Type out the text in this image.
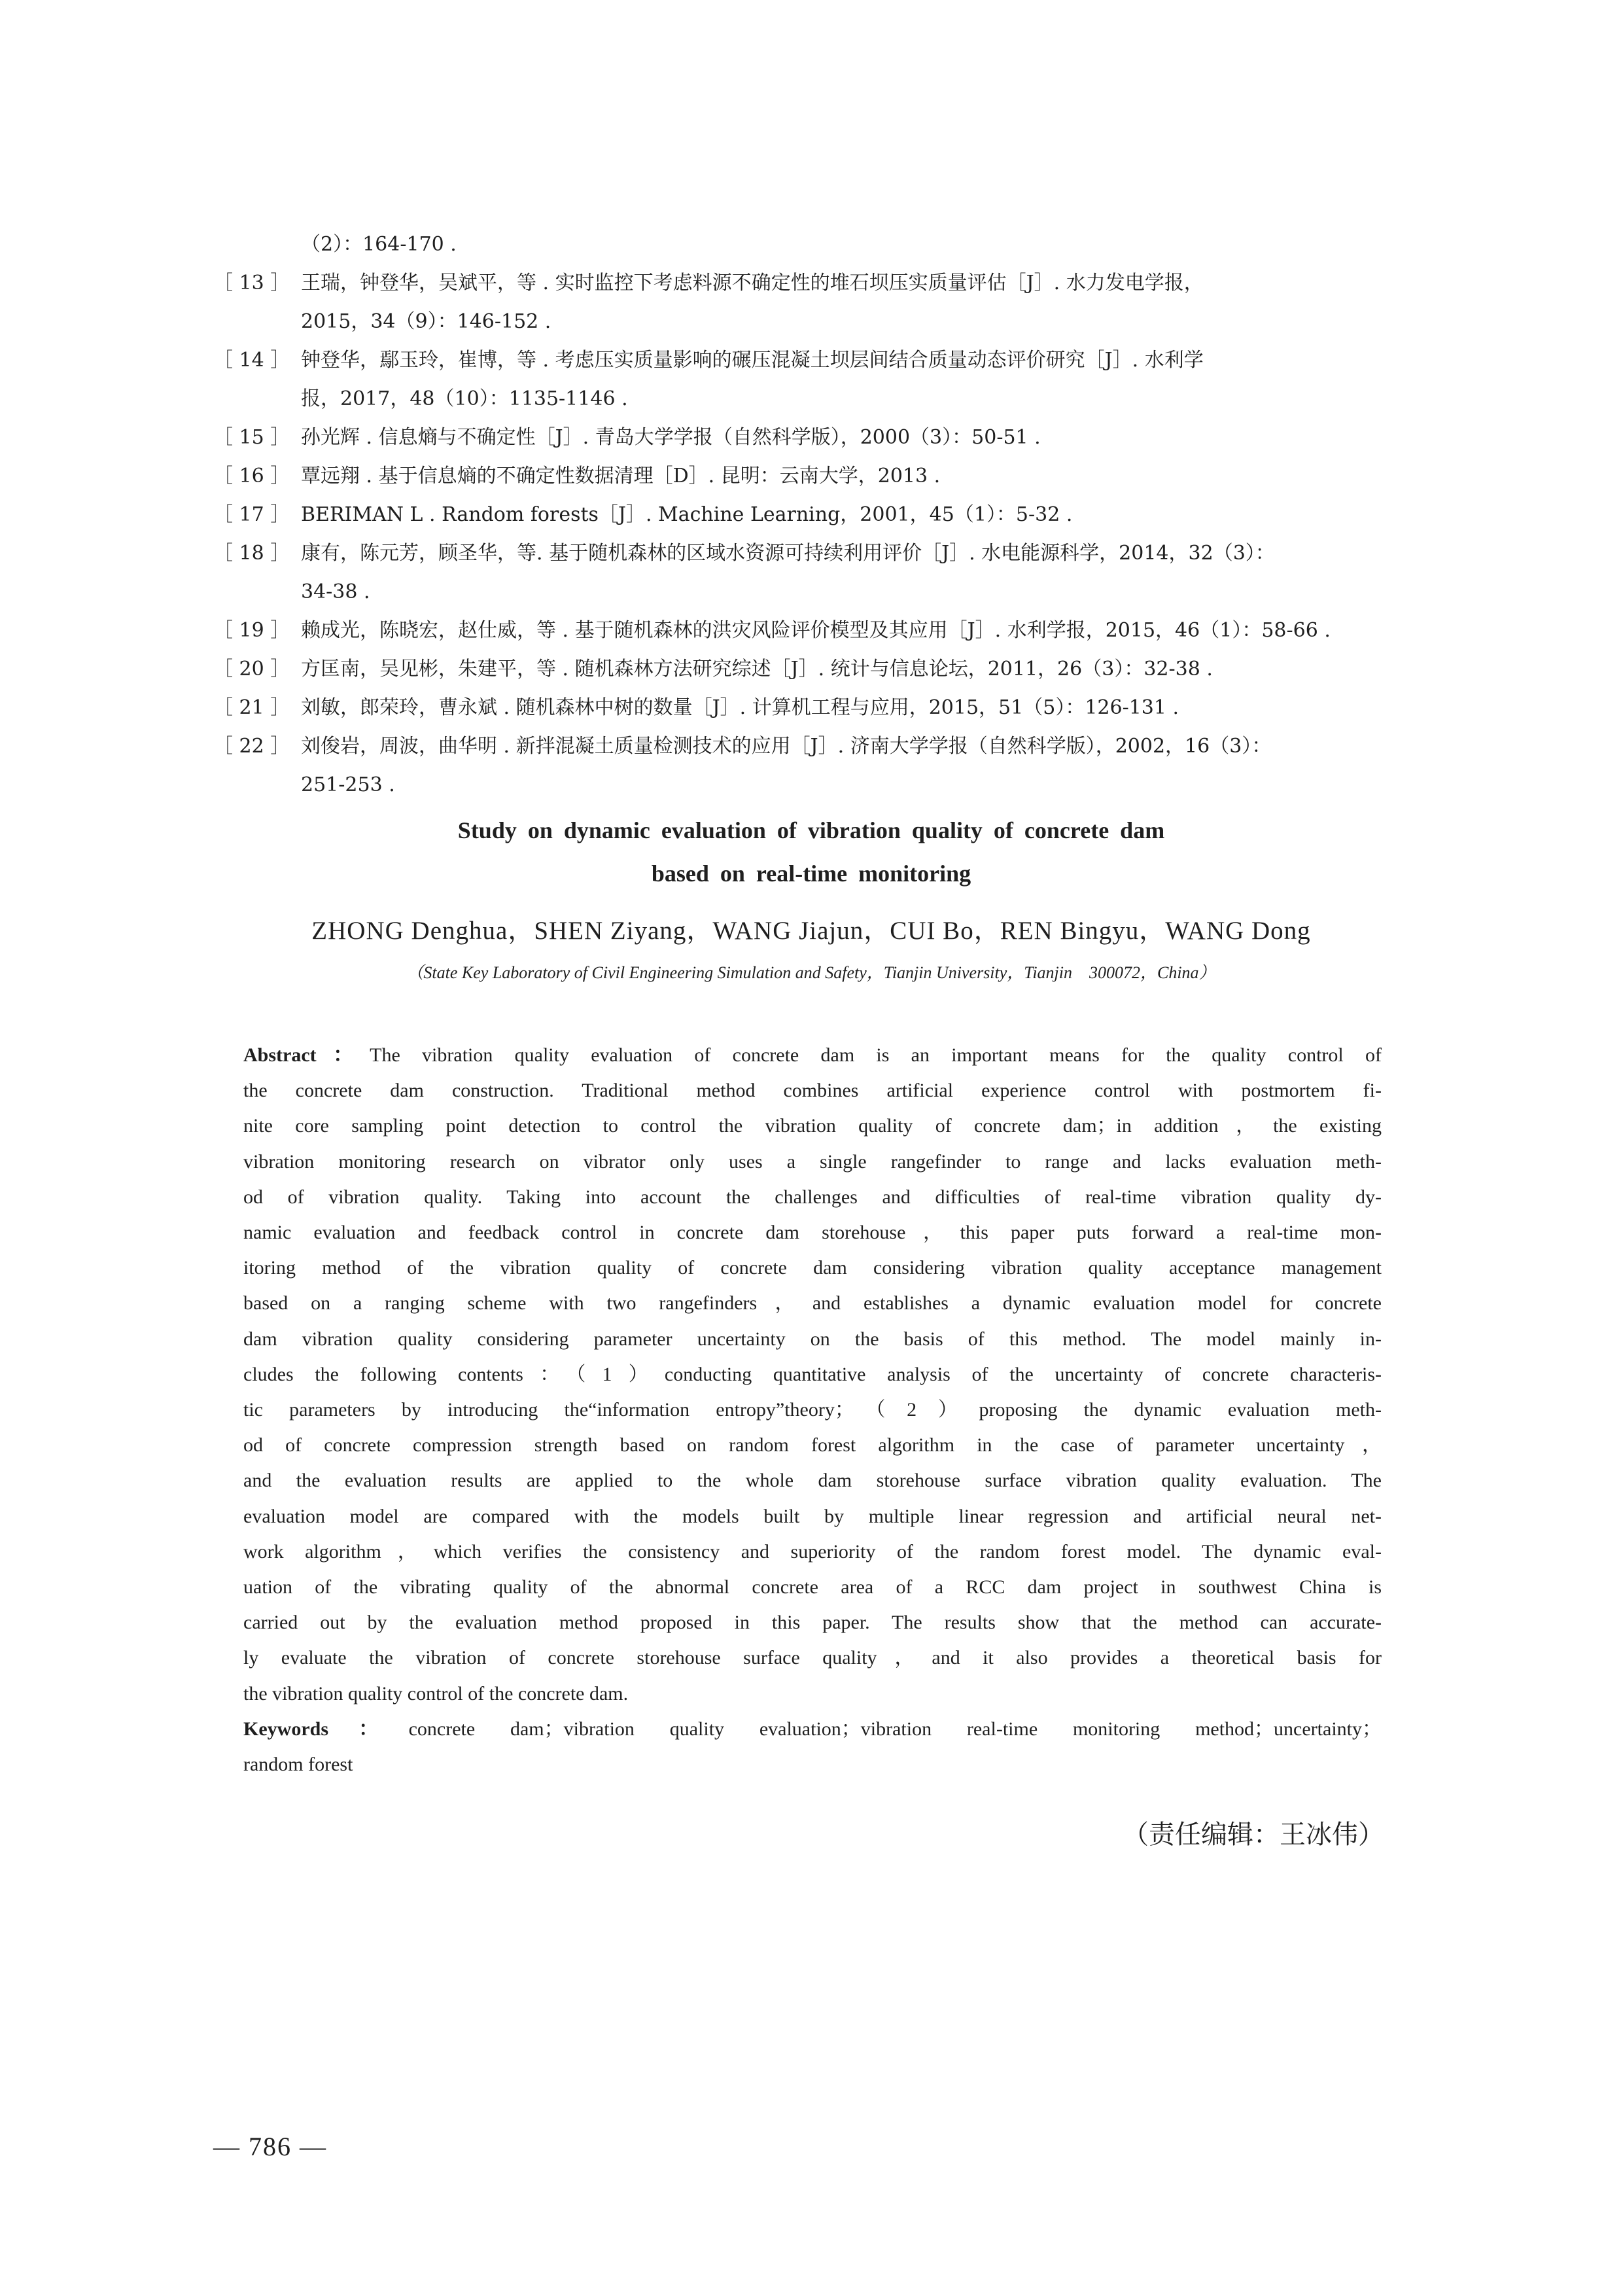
（2）：164-170 .
［ 13 ］ 王瑞，钟登华，吴斌平，等 . 实时监控下考虑料源不确定性的堆石坝压实质量评估［J］. 水力发电学报，
2015，34（9）：146-152 .
［ 14 ］ 钟登华，鄢玉玲，崔博，等 . 考虑压实质量影响的碾压混凝土坝层间结合质量动态评价研究［J］. 水利学
报，2017，48（10）：1135-1146 .
［ 15 ］ 孙光辉 . 信息熵与不确定性［J］. 青岛大学学报（自然科学版），2000（3）：50-51 .
［ 16 ］ 覃远翔 . 基于信息熵的不确定性数据清理［D］. 昆明：云南大学，2013 .
［ 17 ］ BERIMAN L . Random forests［J］. Machine Learning，2001，45（1）：5-32 .
［ 18 ］ 康有，陈元芳，顾圣华，等. 基于随机森林的区域水资源可持续利用评价［J］. 水电能源科学，2014，32（3）：
34-38 .
［ 19 ］ 赖成光，陈晓宏，赵仕威，等 . 基于随机森林的洪灾风险评价模型及其应用［J］. 水利学报，2015，46（1）：58-66 .
［ 20 ］ 方匡南，吴见彬，朱建平，等 . 随机森林方法研究综述［J］. 统计与信息论坛，2011，26（3）：32-38 .
［ 21 ］ 刘敏，郎荣玲，曹永斌 . 随机森林中树的数量［J］. 计算机工程与应用，2015，51（5）：126-131 .
［ 22 ］ 刘俊岩，周波，曲华明 . 新拌混凝土质量检测技术的应用［J］. 济南大学学报（自然科学版），2002，16（3）：
251-253 .
Study on dynamic evaluation of vibration quality of concrete dam
based on real-time monitoring
ZHONG Denghua，SHEN Ziyang，WANG Jiajun，CUI Bo，REN Bingyu，WANG Dong
（State Key Laboratory of Civil Engineering Simulation and Safety，Tianjin University，Tianjin　300072，China）
Abstract：The vibration quality evaluation of concrete dam is an important means for the quality control of
the concrete dam construction. Traditional method combines artificial experience control with postmortem fi-
nite core sampling point detection to control the vibration quality of concrete dam；in addition，the existing
vibration monitoring research on vibrator only uses a single rangefinder to range and lacks evaluation meth-
od of vibration quality. Taking into account the challenges and difficulties of real-time vibration quality dy-
namic evaluation and feedback control in concrete dam storehouse，this paper puts forward a real-time mon-
itoring method of the vibration quality of concrete dam considering vibration quality acceptance management
based on a ranging scheme with two rangefinders，and establishes a dynamic evaluation model for concrete
dam vibration quality considering parameter uncertainty on the basis of this method. The model mainly in-
cludes the following contents：（1）conducting quantitative analysis of the uncertainty of concrete characteris-
tic parameters by introducing the“information entropy”theory；（2）proposing the dynamic evaluation meth-
od of concrete compression strength based on random forest algorithm in the case of parameter uncertainty，
and the evaluation results are applied to the whole dam storehouse surface vibration quality evaluation. The
evaluation model are compared with the models built by multiple linear regression and artificial neural net-
work algorithm，which verifies the consistency and superiority of the random forest model. The dynamic eval-
uation of the vibrating quality of the abnormal concrete area of a RCC dam project in southwest China is
carried out by the evaluation method proposed in this paper. The results show that the method can accurate-
ly evaluate the vibration of concrete storehouse surface quality，and it also provides a theoretical basis for
the vibration quality control of the concrete dam.
Keywords：concrete dam；vibration quality evaluation；vibration real-time monitoring method；uncertainty；
random forest
（责任编辑：王冰伟）
— 786 —
